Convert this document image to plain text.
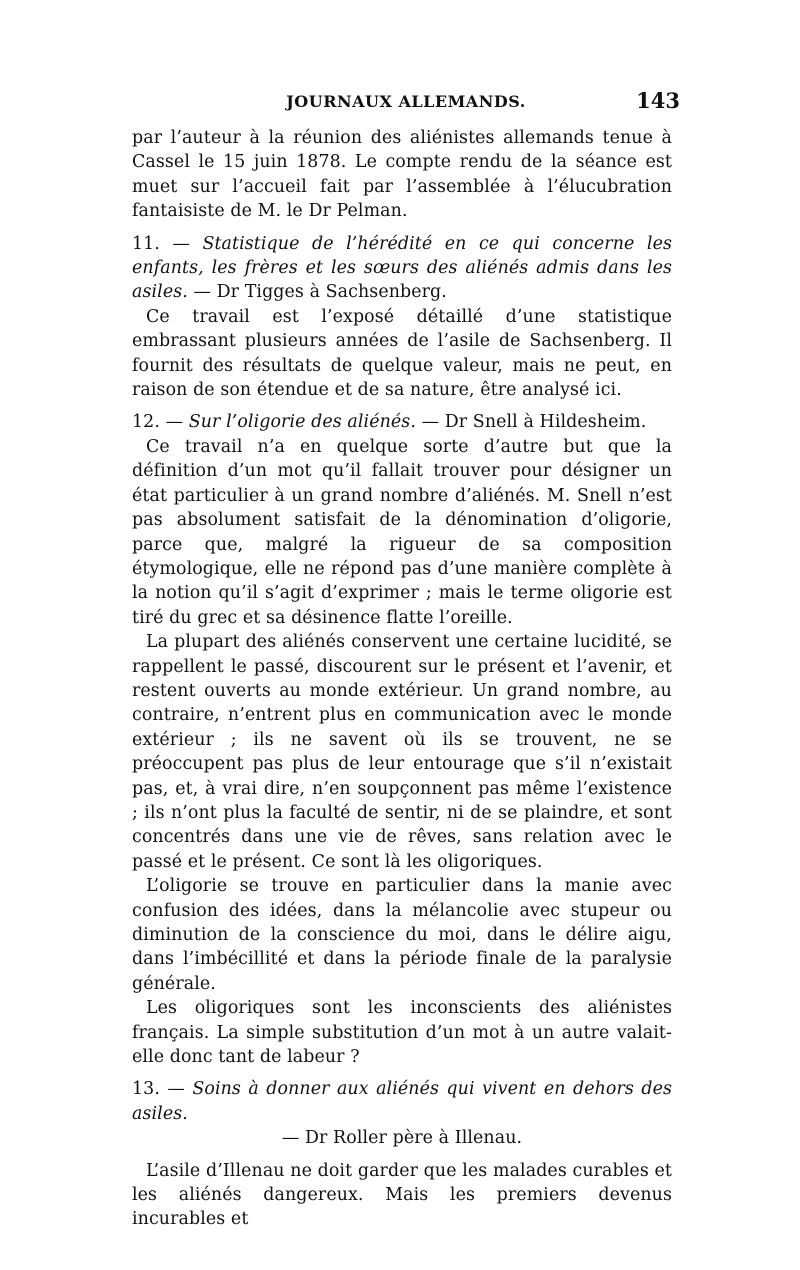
JOURNAUX ALLEMANDS.	143

par l’auteur à la réunion des aliénistes allemands tenue à Cassel le 15 juin 1878. Le compte rendu de la séance est muet sur l’accueil fait par l’assemblée à l’élucubration fantaisiste de M. le Dr Pelman.

11. — Statistique de l’hérédité en ce qui concerne les enfants, les frères et les sœurs des aliénés admis dans les asiles. — Dr Tigges à Sachsenberg.

Ce travail est l’exposé détaillé d’une statistique embrassant plusieurs années de l’asile de Sachsenberg. Il fournit des résultats de quelque valeur, mais ne peut, en raison de son étendue et de sa nature, être analysé ici.

12. — Sur l’oligorie des aliénés. — Dr Snell à Hildesheim.

Ce travail n’a en quelque sorte d’autre but que la définition d’un mot qu’il fallait trouver pour désigner un état particulier à un grand nombre d’aliénés. M. Snell n’est pas absolument satisfait de la dénomination d’oligorie, parce que, malgré la rigueur de sa composition étymologique, elle ne répond pas d’une manière complète à la notion qu’il s’agit d’exprimer ; mais le terme oligorie est tiré du grec et sa désinence flatte l’oreille.

La plupart des aliénés conservent une certaine lucidité, se rappellent le passé, discourent sur le présent et l’avenir, et restent ouverts au monde extérieur. Un grand nombre, au contraire, n’entrent plus en communication avec le monde extérieur ; ils ne savent où ils se trouvent, ne se préoccupent pas plus de leur entourage que s’il n’existait pas, et, à vrai dire, n’en soupçonnent pas même l’existence ; ils n’ont plus la faculté de sentir, ni de se plaindre, et sont concentrés dans une vie de rêves, sans relation avec le passé et le présent. Ce sont là les oligoriques.

L’oligorie se trouve en particulier dans la manie avec confusion des idées, dans la mélancolie avec stupeur ou diminution de la conscience du moi, dans le délire aigu, dans l’imbécillité et dans la période finale de la paralysie générale.

Les oligoriques sont les inconscients des aliénistes français. La simple substitution d’un mot à un autre valait-elle donc tant de labeur ?

13. — Soins à donner aux aliénés qui vivent en dehors des asiles.

— Dr Roller père à Illenau.

L’asile d’Illenau ne doit garder que les malades curables et les aliénés dangereux. Mais les premiers devenus incurables et
